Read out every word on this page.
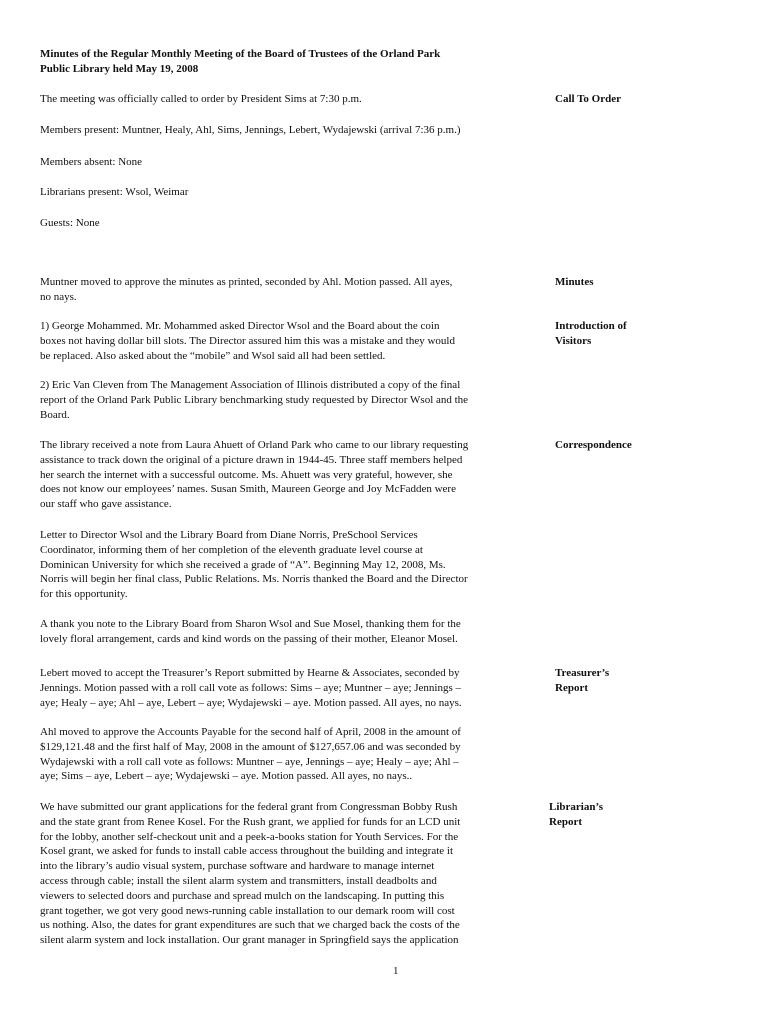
Minutes of the Regular Monthly Meeting of the Board of Trustees of the Orland Park
Public Library held May 19, 2008
The meeting was officially called to order by President Sims at 7:30 p.m.
Members present: Muntner, Healy, Ahl, Sims, Jennings, Lebert, Wydajewski (arrival 7:36 p.m.)
Members absent: None
Librarians present: Wsol, Weimar
Guests: None
Muntner moved to approve the minutes as printed, seconded by Ahl. Motion passed. All ayes,
no nays.
1) George Mohammed. Mr. Mohammed asked Director Wsol and the Board about the coin
boxes not having dollar bill slots. The Director assured him this was a mistake and they would
be replaced. Also asked about the “mobile” and Wsol said all had been settled.
2) Eric Van Cleven from The Management Association of Illinois distributed a copy of the final
report of the Orland Park Public Library benchmarking study requested by Director Wsol and the
Board.
The library received a note from Laura Ahuett of Orland Park who came to our library requesting
assistance to track down the original of a picture drawn in 1944-45. Three staff members helped
her search the internet with a successful outcome. Ms. Ahuett was very grateful, however, she
does not know our employees’ names. Susan Smith, Maureen George and Joy McFadden were
our staff who gave assistance.
Letter to Director Wsol and the Library Board from Diane Norris, PreSchool Services
Coordinator, informing them of her completion of the eleventh graduate level course at
Dominican University for which she received a grade of “A”. Beginning May 12, 2008, Ms.
Norris will begin her final class, Public Relations. Ms. Norris thanked the Board and the Director
for this opportunity.
A thank you note to the Library Board from Sharon Wsol and Sue Mosel, thanking them for the
lovely floral arrangement, cards and kind words on the passing of their mother, Eleanor Mosel.
Lebert moved to accept the Treasurer’s Report submitted by Hearne & Associates, seconded by
Jennings. Motion passed with a roll call vote as follows: Sims – aye; Muntner – aye; Jennings –
aye; Healy – aye; Ahl – aye, Lebert – aye; Wydajewski – aye. Motion passed. All ayes, no nays.
Ahl moved to approve the Accounts Payable for the second half of April, 2008 in the amount of
$129,121.48 and the first half of May, 2008 in the amount of $127,657.06 and was seconded by
Wydajewski with a roll call vote as follows: Muntner – aye, Jennings – aye; Healy – aye; Ahl –
aye; Sims – aye, Lebert – aye; Wydajewski – aye. Motion passed. All ayes, no nays..
We have submitted our grant applications for the federal grant from Congressman Bobby Rush
and the state grant from Renee Kosel. For the Rush grant, we applied for funds for an LCD unit
for the lobby, another self-checkout unit and a peek-a-books station for Youth Services. For the
Kosel grant, we asked for funds to install cable access throughout the building and integrate it
into the library’s audio visual system, purchase software and hardware to manage internet
access through cable; install the silent alarm system and transmitters, install deadbolts and
viewers to selected doors and purchase and spread mulch on the landscaping. In putting this
grant together, we got very good news-running cable installation to our demark room will cost
us nothing. Also, the dates for grant expenditures are such that we charged back the costs of the
silent alarm system and lock installation. Our grant manager in Springfield says the application
Call To Order
Minutes
Introduction of
Visitors
Correspondence
Treasurer’s
Report
Librarian’s
Report
1
